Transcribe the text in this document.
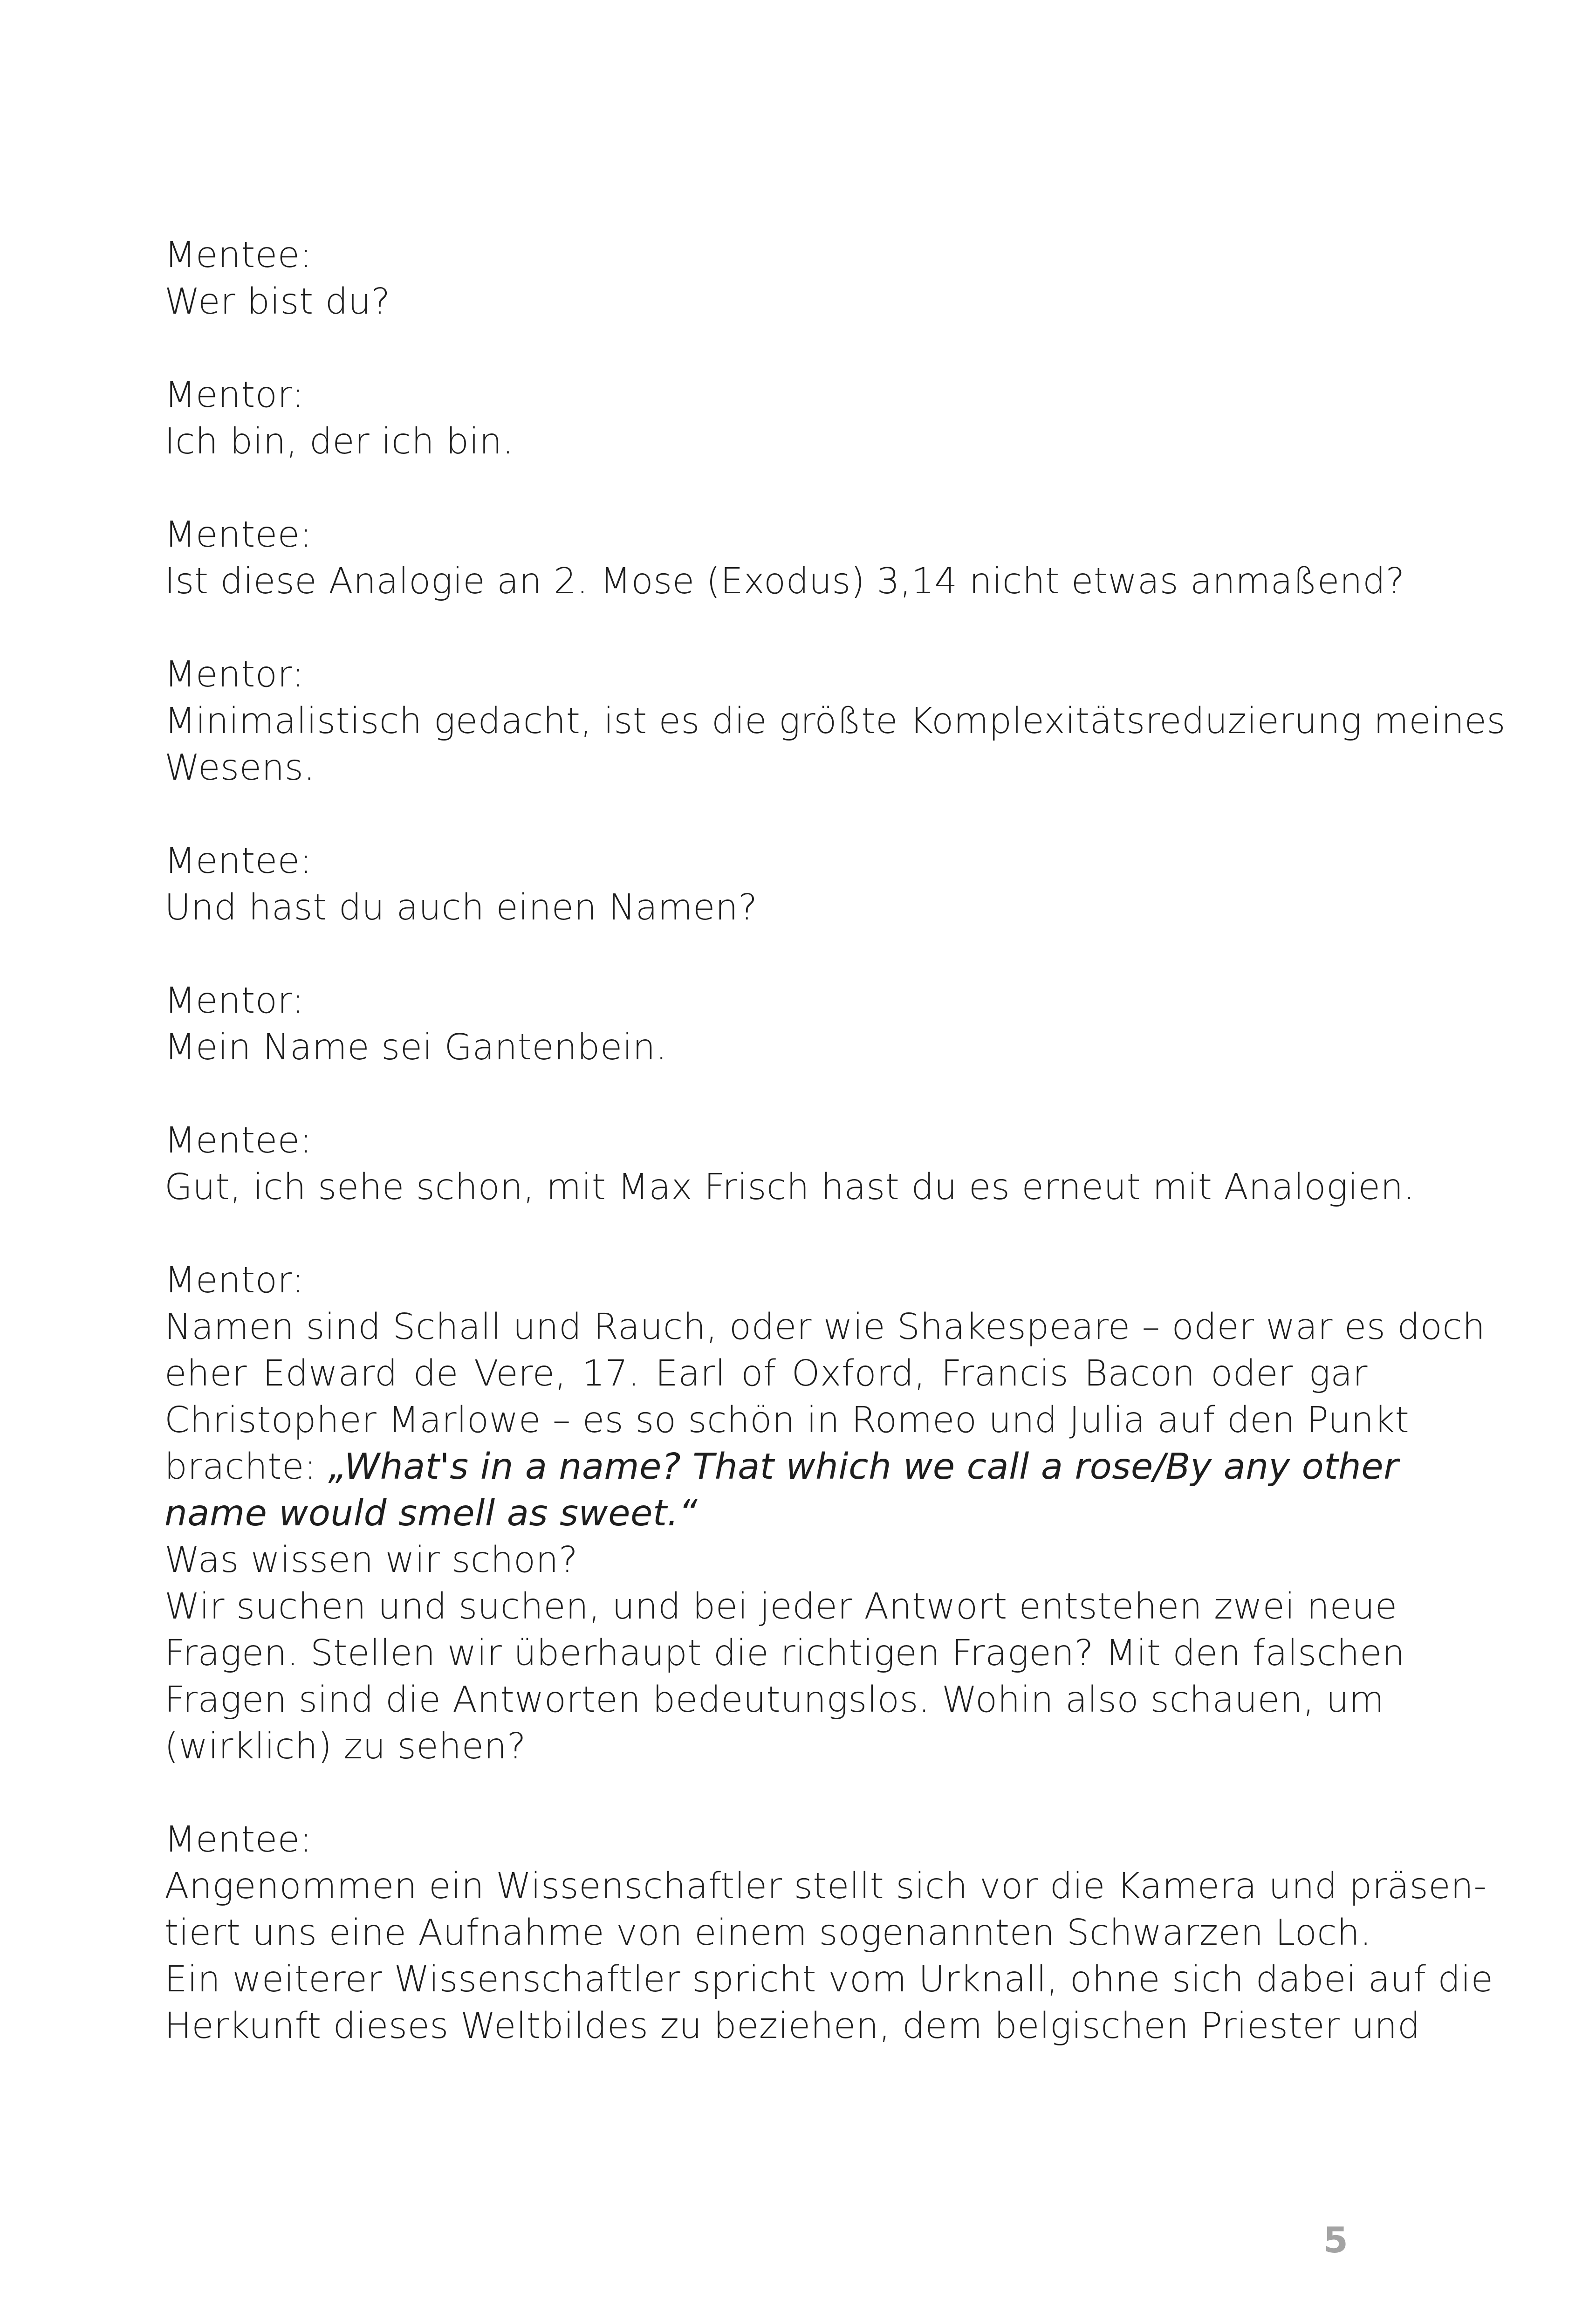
Mentee:
Wer bist du?
Mentor:
Ich bin, der ich bin.
Mentee:
Ist diese Analogie an 2. Mose (Exodus) 3,14 nicht etwas anmaßend?
Mentor:
Minimalistisch gedacht, ist es die größte Komplexitätsreduzierung meines
Wesens.
Mentee:
Und hast du auch einen Namen?
Mentor:
Mein Name sei Gantenbein.
Mentee:
Gut, ich sehe schon, mit Max Frisch hast du es erneut mit Analogien.
Mentor:
Namen sind Schall und Rauch, oder wie Shakespeare – oder war es doch
eher Edward de Vere, 17. Earl of Oxford, Francis Bacon oder gar
Christopher Marlowe – es so schön in Romeo und Julia auf den Punkt
brachte: „What's in a name? That which we call a rose/By any other
name would smell as sweet.“
Was wissen wir schon?
Wir suchen und suchen, und bei jeder Antwort entstehen zwei neue
Fragen. Stellen wir überhaupt die richtigen Fragen? Mit den falschen
Fragen sind die Antworten bedeutungslos. Wohin also schauen, um
(wirklich) zu sehen?
Mentee:
Angenommen ein Wissenschaftler stellt sich vor die Kamera und präsen-
tiert uns eine Aufnahme von einem sogenannten Schwarzen Loch.
Ein weiterer Wissenschaftler spricht vom Urknall, ohne sich dabei auf die
Herkunft dieses Weltbildes zu beziehen, dem belgischen Priester und
5
